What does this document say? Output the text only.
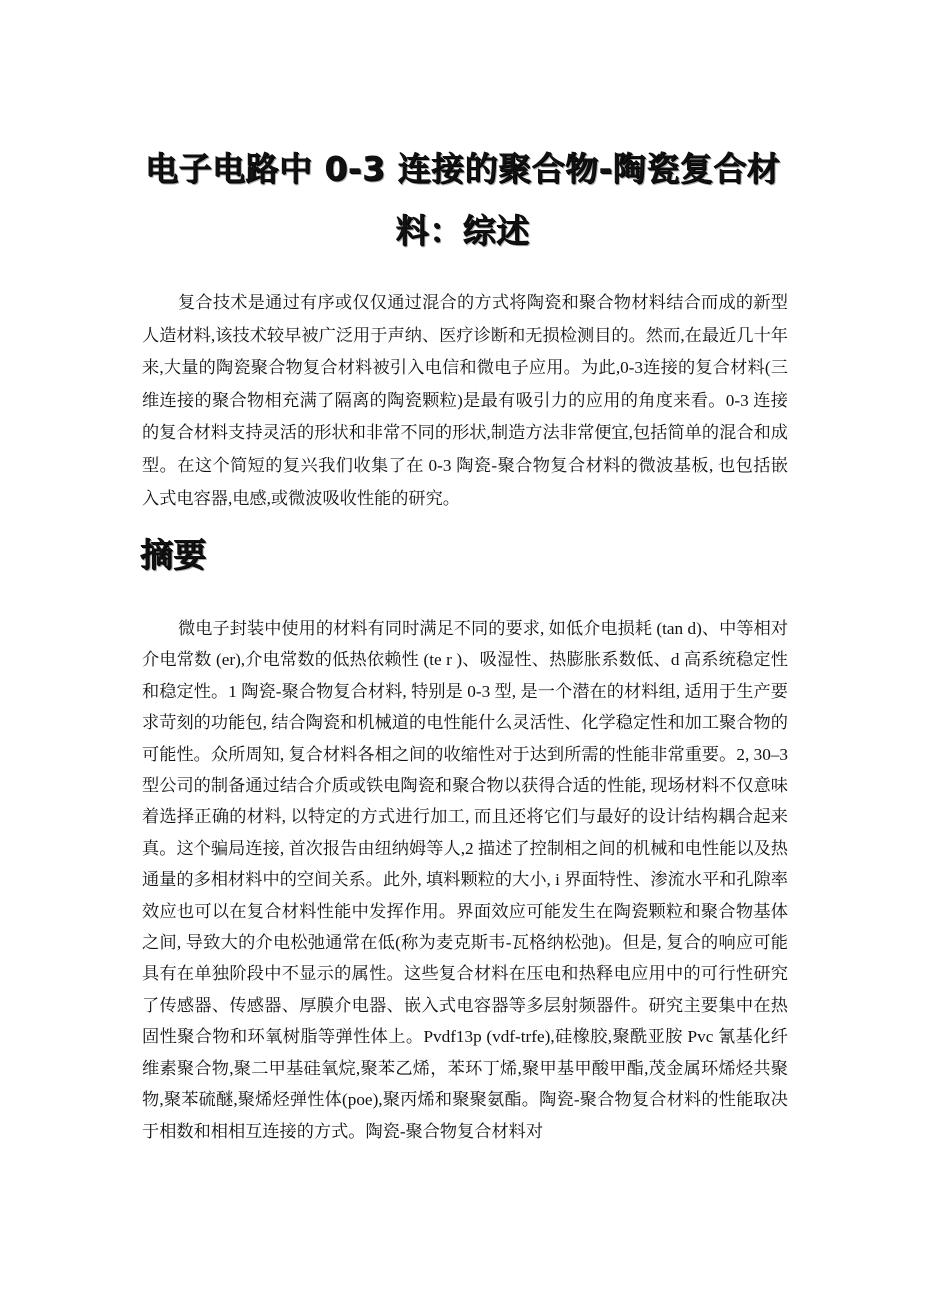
电子电路中 0-3 连接的聚合物-陶瓷复合材料：综述

复合技术是通过有序或仅仅通过混合的方式将陶瓷和聚合物材料结合而成的新型人造材料,该技术较早被广泛用于声纳、医疗诊断和无损检测目的。然而,在最近几十年来,大量的陶瓷聚合物复合材料被引入电信和微电子应用。为此,0-3连接的复合材料(三维连接的聚合物相充满了隔离的陶瓷颗粒)是最有吸引力的应用的角度来看。0-3 连接的复合材料支持灵活的形状和非常不同的形状,制造方法非常便宜,包括简单的混合和成型。在这个简短的复兴我们收集了在 0-3 陶瓷-聚合物复合材料的微波基板, 也包括嵌入式电容器,电感,或微波吸收性能的研究。

摘要

微电子封装中使用的材料有同时满足不同的要求, 如低介电损耗 (tan d)、中等相对介电常数 (er),介电常数的低热依赖性 (te r )、吸湿性、热膨胀系数低、d 高系统稳定性和稳定性。1 陶瓷-聚合物复合材料, 特别是 0-3 型, 是一个潜在的材料组, 适用于生产要求苛刻的功能包, 结合陶瓷和机械道的电性能什么灵活性、化学稳定性和加工聚合物的可能性。众所周知, 复合材料各相之间的收缩性对于达到所需的性能非常重要。2, 30–3 型公司的制备通过结合介质或铁电陶瓷和聚合物以获得合适的性能, 现场材料不仅意味着选择正确的材料, 以特定的方式进行加工, 而且还将它们与最好的设计结构耦合起来真。这个骗局连接, 首次报告由纽纳姆等人,2 描述了控制相之间的机械和电性能以及热通量的多相材料中的空间关系。此外, 填料颗粒的大小, i 界面特性、渗流水平和孔隙率效应也可以在复合材料性能中发挥作用。界面效应可能发生在陶瓷颗粒和聚合物基体之间, 导致大的介电松弛通常在低(称为麦克斯韦-瓦格纳松弛)。但是, 复合的响应可能具有在单独阶段中不显示的属性。这些复合材料在压电和热释电应用中的可行性研究了传感器、传感器、厚膜介电器、嵌入式电容器等多层射频器件。研究主要集中在热固性聚合物和环氧树脂等弹性体上。Pvdf13p (vdf-trfe),硅橡胶,聚酰亚胺 Pvc 氰基化纤维素聚合物,聚二甲基硅氧烷,聚苯乙烯，苯环丁烯,聚甲基甲酸甲酯,茂金属环烯烃共聚物,聚苯硫醚,聚烯烃弹性体(poe),聚丙烯和聚聚氨酯。陶瓷-聚合物复合材料的性能取决于相数和相相互连接的方式。陶瓷-聚合物复合材料对
